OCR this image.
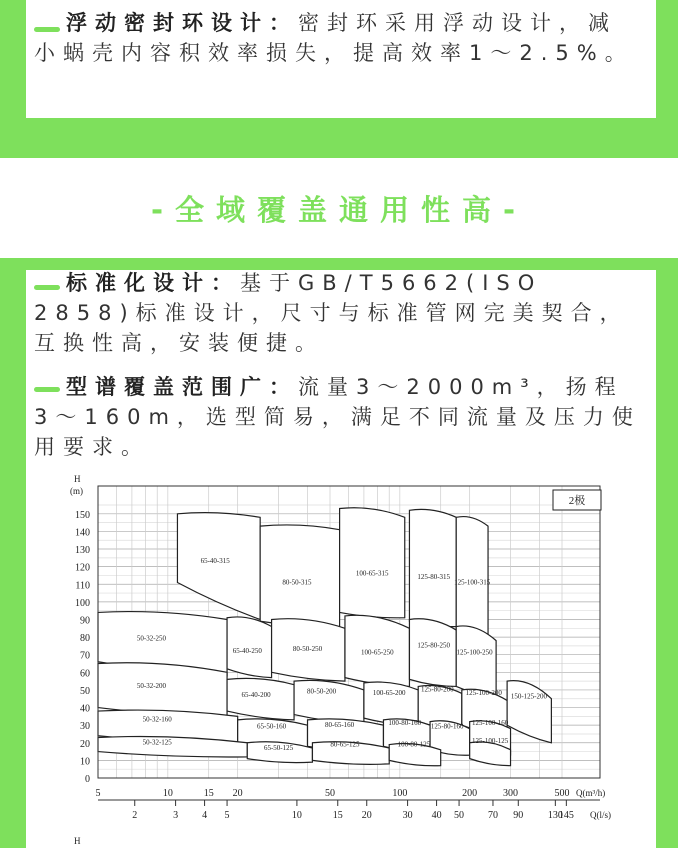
浮动密封环设计：密封环采用浮动设计，减小蜗壳内容积效率损失，提高效率1～2.5%。
-全域覆盖通用性高-
标准化设计：基于GB/T5662(ISO 2858)标准设计，尺寸与标准管网完美契合，互换性高，安装便捷。
型谱覆盖范围广：流量3～2000m³，扬程 3～160m，选型简易，满足不同流量及压力使用要求。
65-40-315
80-50-315
100-65-315	125-80-315
125-100-315
50-32-250
65-40-250	80-50-250	100-65-250
125-80-250
125-100-250
50-32-200
65-40-200	80-50-200	100-65-200 125-80-200 125-100-200 150-125-200
50-32-160
65-50-160	80-65-160	100-80-160 125-80-160 125-100-160
50-32-125
65-50-125	80-65-125	100-80-125	125-100-125
H
(m)
0
10
20
30
40
50
60
70
80
90
100
110
120
130
140
150
5	10	15 20	50	100	200	300	500 Q(m³/h)
2	3 4 5	10	15 20	30 40 50 70 90 130
145 Q(l/s)
H
2极
